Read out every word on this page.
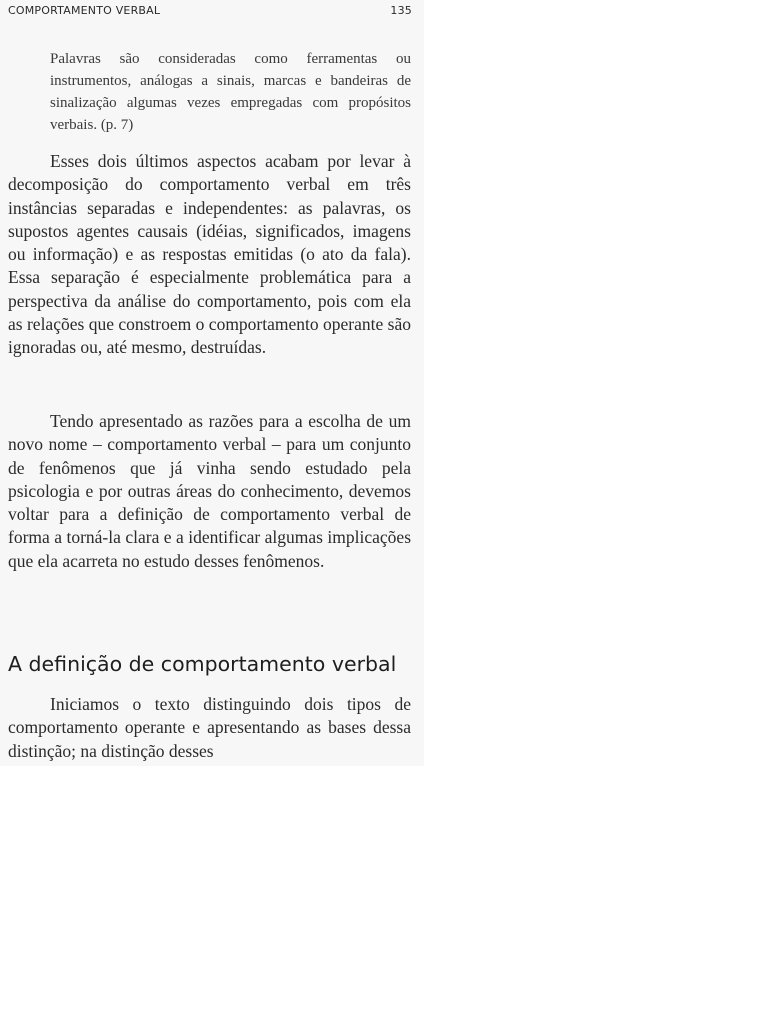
COMPORTAMENTO VERBAL	135
Palavras são consideradas como ferramentas ou instrumentos, análogas a sinais, marcas e bandeiras de sinalização algumas vezes empregadas com propósitos verbais. (p. 7)

Esses dois últimos aspectos acabam por levar à decomposição do comportamento verbal em três instâncias separadas e independentes: as palavras, os supostos agentes causais (idéias, significados, imagens ou informação) e as respostas emitidas (o ato da fala). Essa separação é especialmente problemática para a perspectiva da análise do comportamento, pois com ela as relações que constroem o comportamento operante são ignoradas ou, até mesmo, destruídas.

Tendo apresentado as razões para a escolha de um novo nome – comportamento verbal – para um conjunto de fenômenos que já vinha sendo estudado pela psicologia e por outras áreas do conhecimento, devemos voltar para a definição de comportamento verbal de forma a torná-la clara e a identificar algumas implicações que ela acarreta no estudo desses fenômenos.

A definição de comportamento verbal

Iniciamos o texto distinguindo dois tipos de comportamento operante e apresentando as bases dessa distinção; na distinção desses
